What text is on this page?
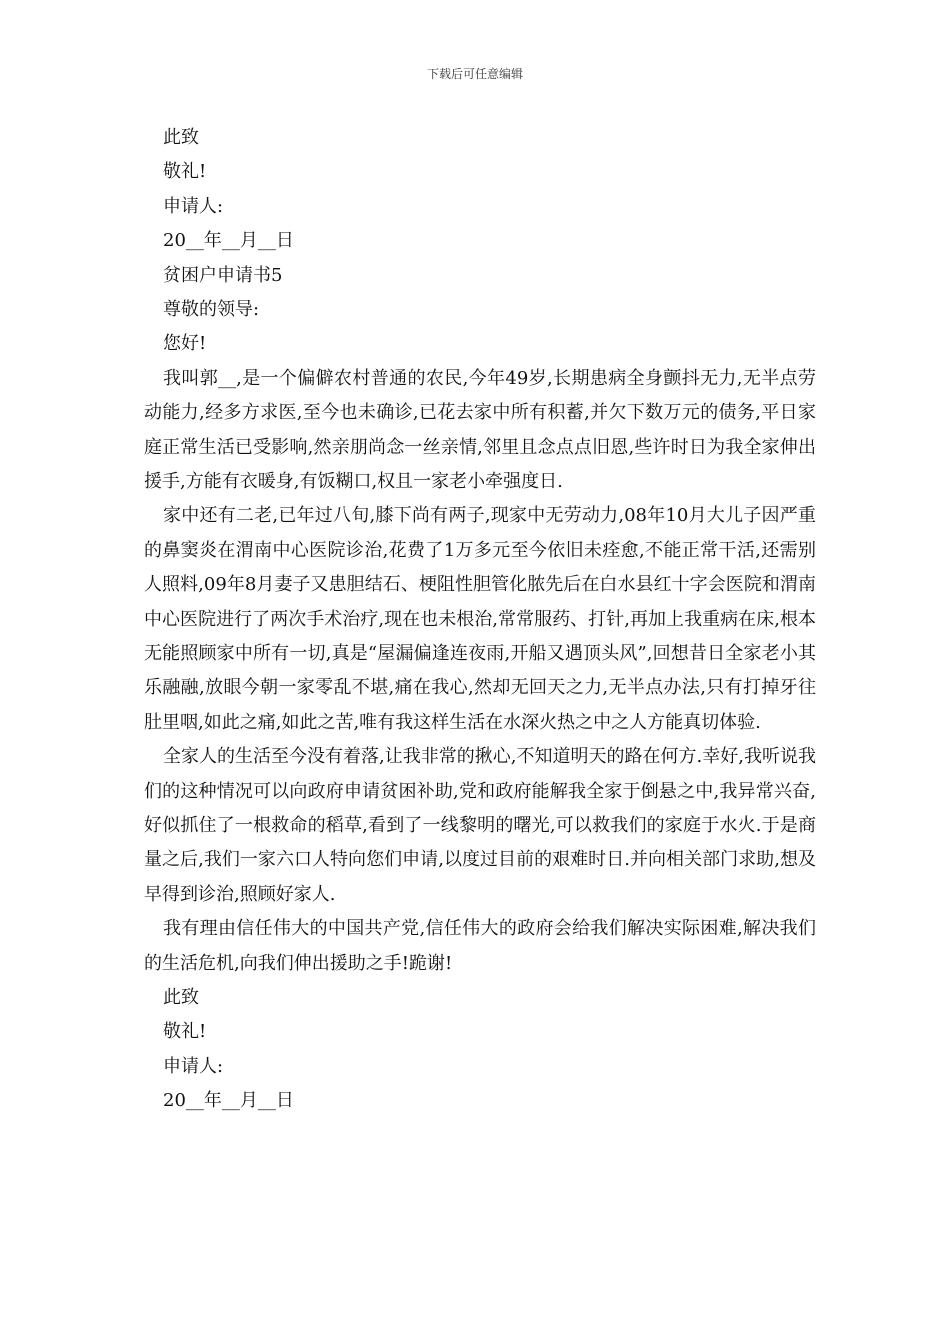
下载后可任意编辑
此致
敬礼!
申请人:
20__年__月__日
贫困户申请书5
尊敬的领导:
您好!

我叫郭__,是一个偏僻农村普通的农民,今年49岁,长期患病全身颤抖无力,无半点劳动能力,经多方求医,至今也未确诊,已花去家中所有积蓄,并欠下数万元的债务,平日家庭正常生活已受影响,然亲朋尚念一丝亲情,邻里且念点点旧恩,些许时日为我全家伸出援手,方能有衣暖身,有饭糊口,权且一家老小牵强度日.

家中还有二老,已年过八旬,膝下尚有两子,现家中无劳动力,08年10月大儿子因严重的鼻窦炎在渭南中心医院诊治,花费了1万多元至今依旧未痊愈,不能正常干活,还需别人照料,09年8月妻子又患胆结石、梗阻性胆管化脓先后在白水县红十字会医院和渭南中心医院进行了两次手术治疗,现在也未根治,常常服药、打针,再加上我重病在床,根本无能照顾家中所有一切,真是“屋漏偏逢连夜雨,开船又遇顶头风”,回想昔日全家老小其乐融融,放眼今朝一家零乱不堪,痛在我心,然却无回天之力,无半点办法,只有打掉牙往肚里咽,如此之痛,如此之苦,唯有我这样生活在水深火热之中之人方能真切体验.

全家人的生活至今没有着落,让我非常的揪心,不知道明天的路在何方.幸好,我听说我们的这种情况可以向政府申请贫困补助,党和政府能解我全家于倒悬之中,我异常兴奋,好似抓住了一根救命的稻草,看到了一线黎明的曙光,可以救我们的家庭于水火.于是商量之后,我们一家六口人特向您们申请,以度过目前的艰难时日.并向相关部门求助,想及早得到诊治,照顾好家人.

我有理由信任伟大的中国共产党,信任伟大的政府会给我们解决实际困难,解决我们的生活危机,向我们伸出援助之手!跪谢!

此致
敬礼!
申请人:
20__年__月__日
